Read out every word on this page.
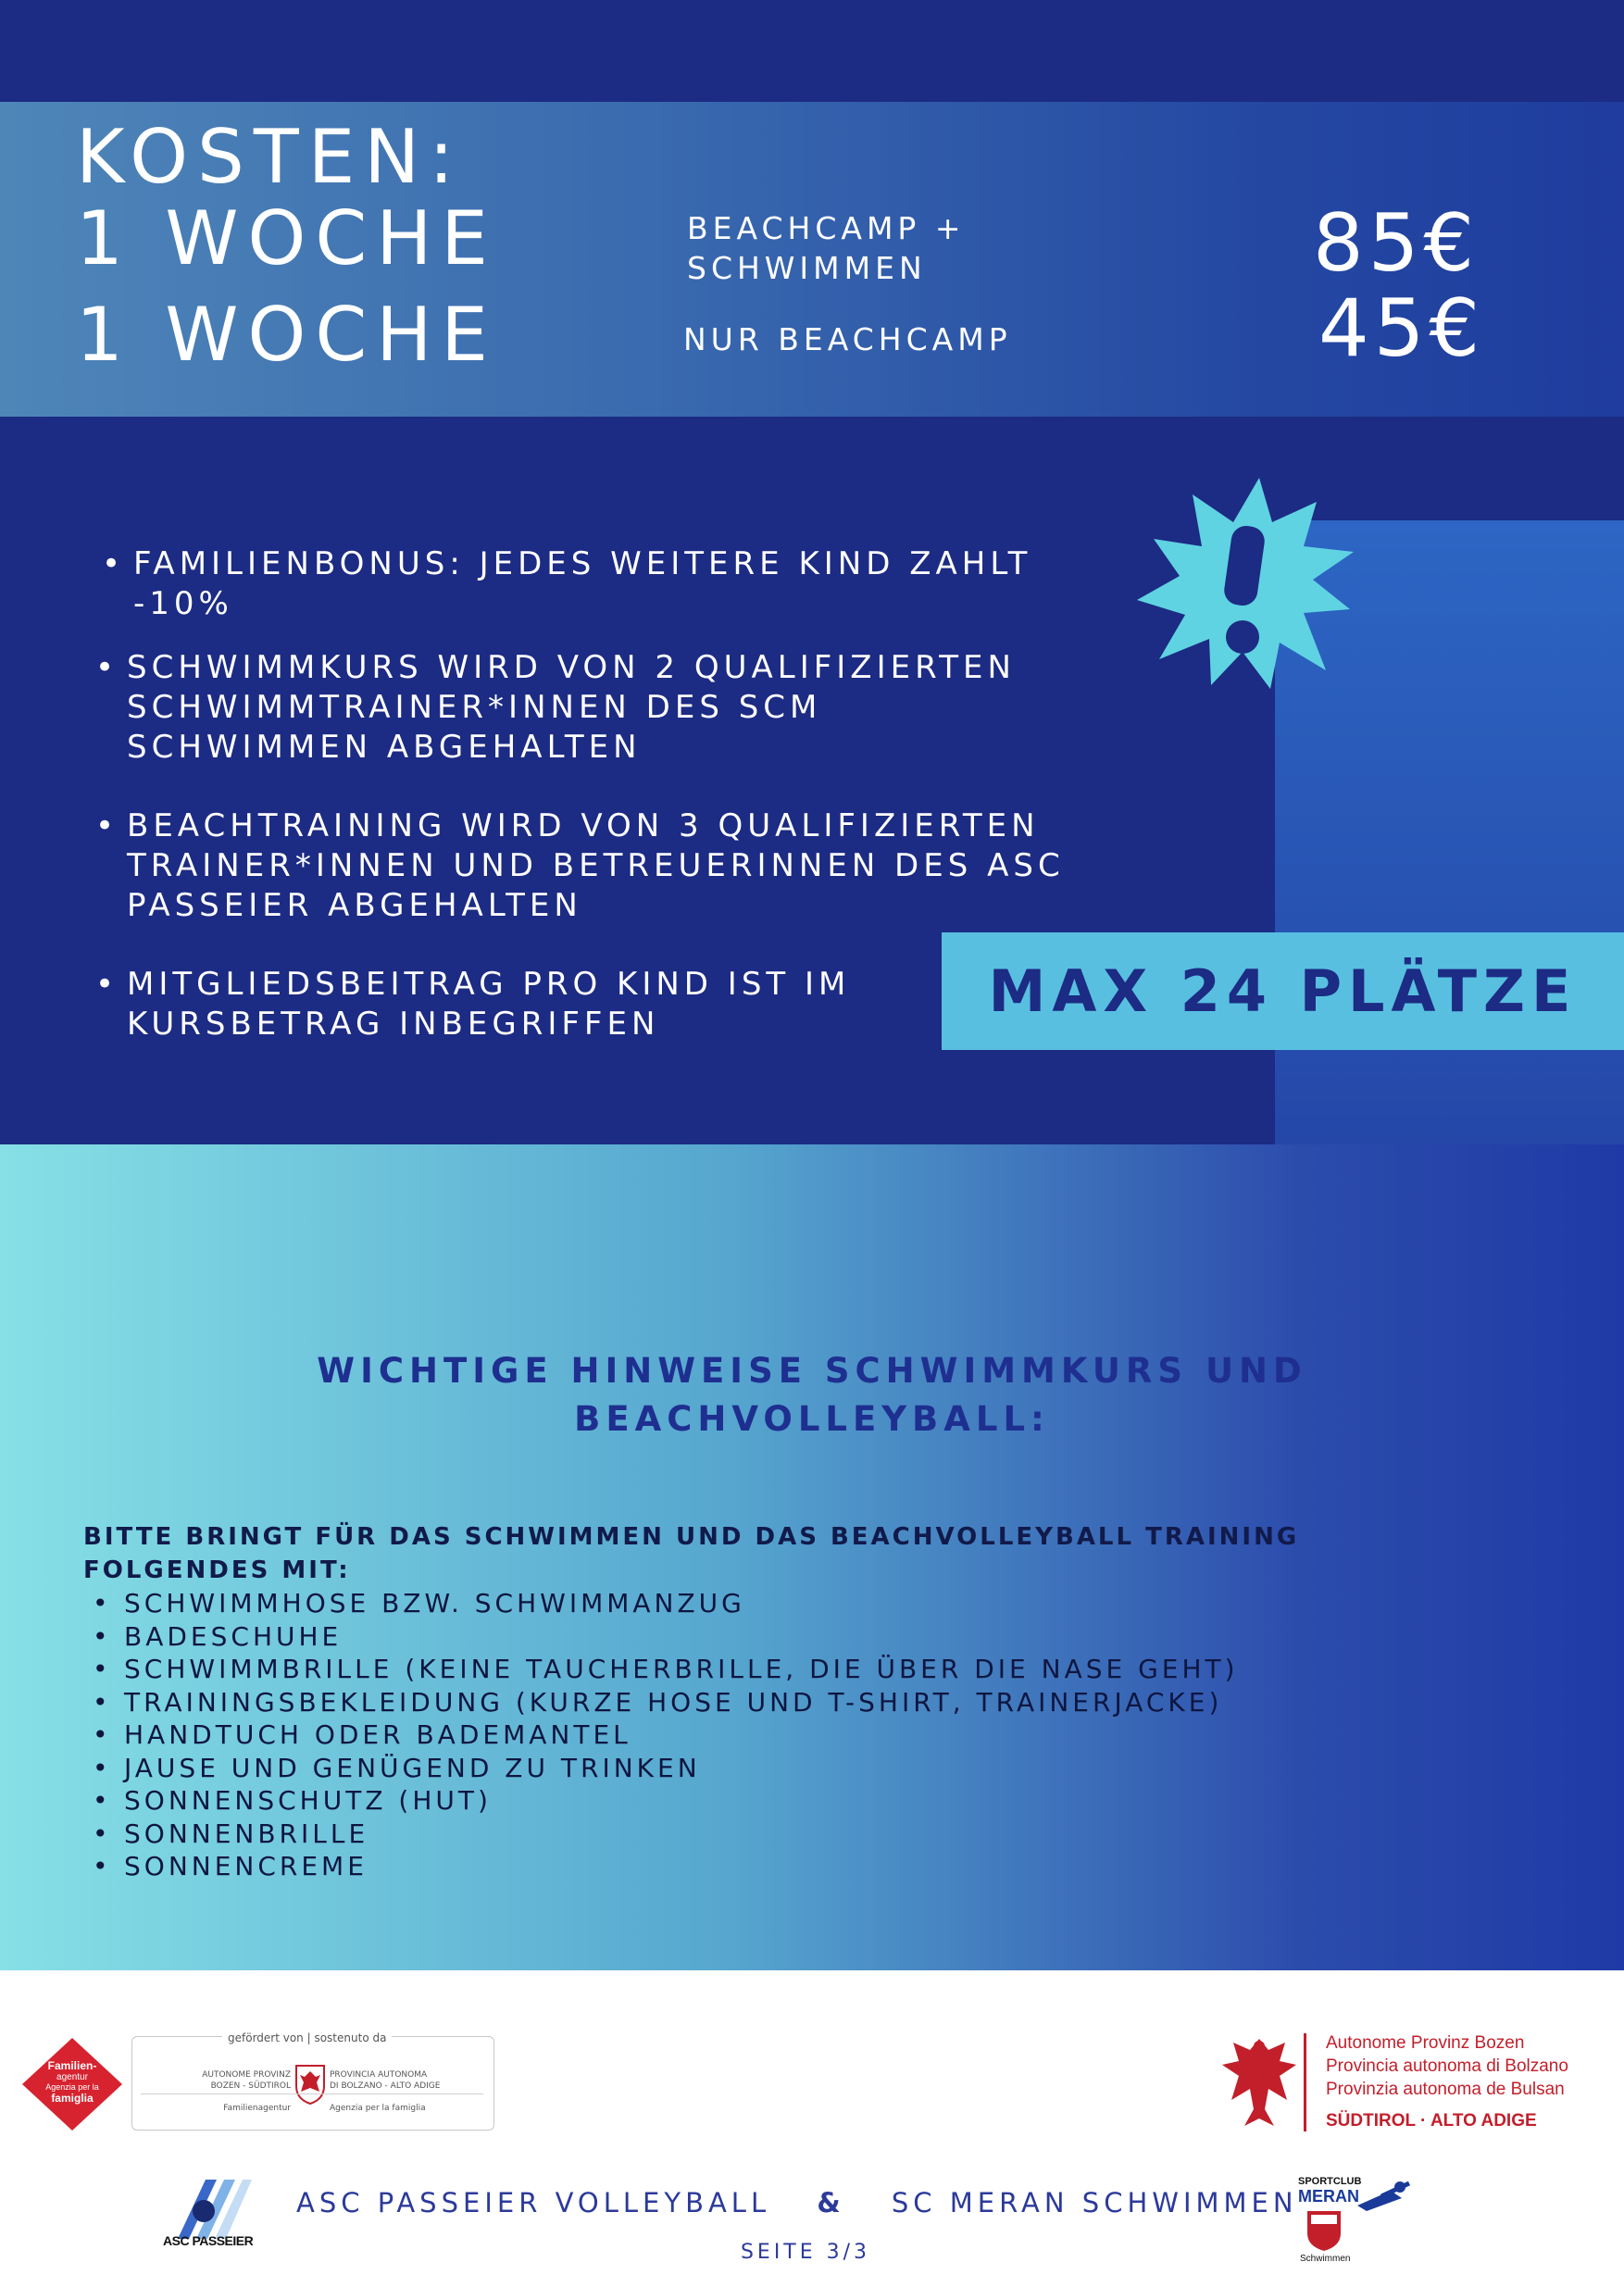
KOSTEN:
1 WOCHE
1 WOCHE
BEACHCAMP +
SCHWIMMEN
NUR BEACHCAMP
85€
45€
• FAMILIENBONUS: JEDES WEITERE KIND ZAHLT
-10%
• SCHWIMMKURS WIRD VON 2 QUALIFIZIERTEN
SCHWIMMTRAINER*INNEN DES SCM
SCHWIMMEN ABGEHALTEN
• BEACHTRAINING WIRD VON 3 QUALIFIZIERTEN
TRAINER*INNEN UND BETREUERINNEN DES ASC
PASSEIER ABGEHALTEN
• MITGLIEDSBEITRAG PRO KIND IST IM
KURSBETRAG INBEGRIFFEN	MAX 24 PLÄTZE
WICHTIGE HINWEISE SCHWIMMKURS UND
BEACHVOLLEYBALL:
BITTE BRINGT FÜR DAS SCHWIMMEN UND DAS BEACHVOLLEYBALL TRAINING
FOLGENDES MIT:
• SCHWIMMHOSE BZW. SCHWIMMANZUG
• BADESCHUHE
• SCHWIMMBRILLE (KEINE TAUCHERBRILLE, DIE ÜBER DIE NASE GEHT)
• TRAININGSBEKLEIDUNG (KURZE HOSE UND T-SHIRT, TRAINERJACKE)
• HANDTUCH ODER BADEMANTEL
• JAUSE UND GENÜGEND ZU TRINKEN
• SONNENSCHUTZ (HUT)
• SONNENBRILLE
• SONNENCREME
Familien-
agentur
Agenzia per la
famiglia
gefördert von | sostenuto da
AUTONOME PROVINZ
BOZEN - SÜDTIROL
Familienagentur
PROVINCIA AUTONOMA
DI BOLZANO - ALTO ADIGE
Agenzia per la famiglia
Autonome Provinz Bozen
Provincia autonoma di Bolzano
Provinzia autonoma de Bulsan
SÜDTIROL · ALTO ADIGE
ASC PASSEIER
ASC PASSEIER VOLLEYBALL & SC MERAN SCHWIMMEN
SEITE 3/3
SPORTCLUB
MERAN
Schwimmen
